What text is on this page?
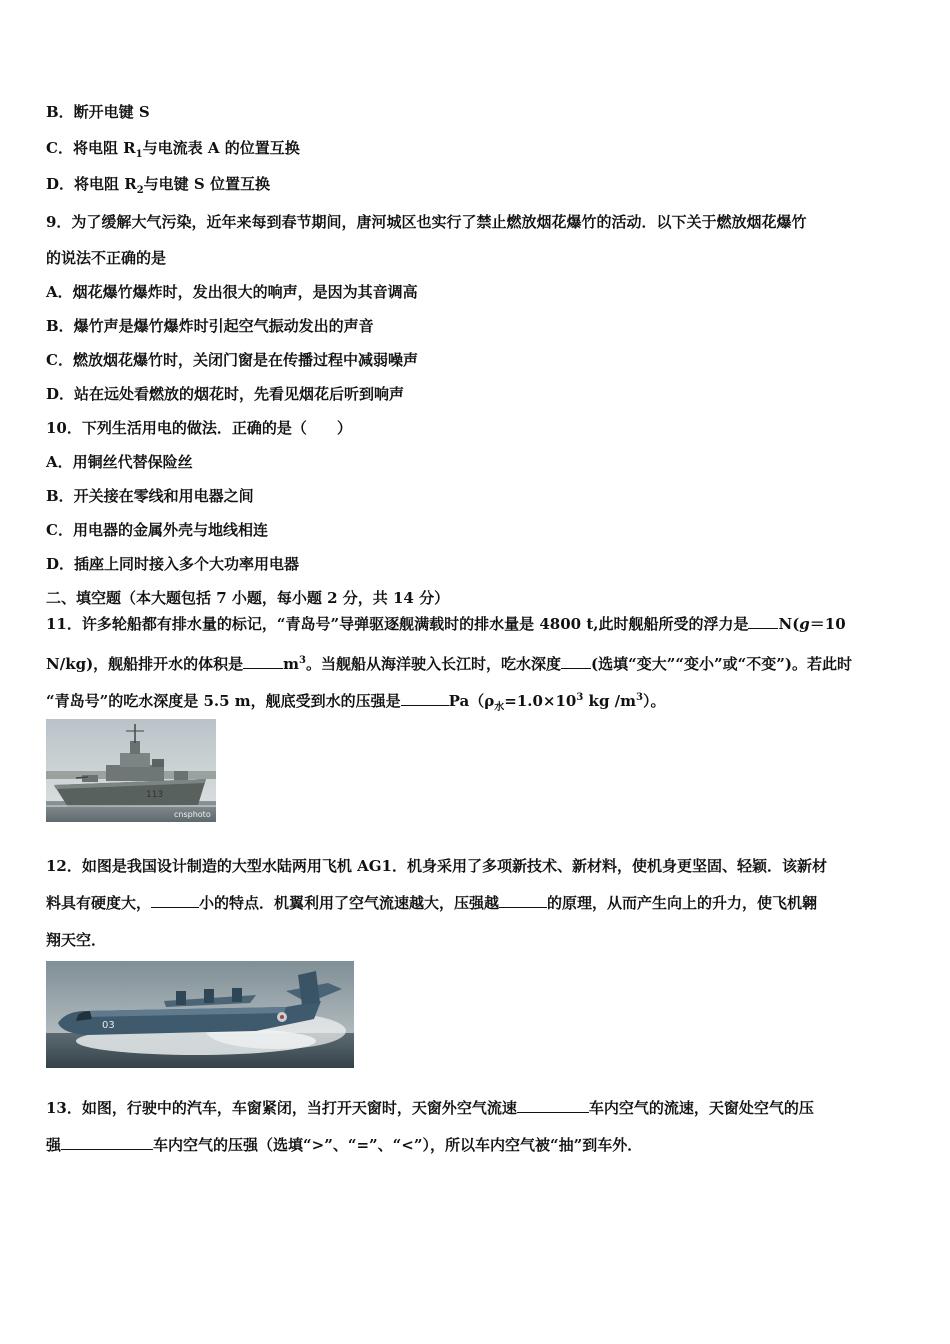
B．断开电键 S
C．将电阻 $R_1$与电流表 A 的位置互换
D．将电阻 $R_2$与电键 S 位置互换
9．为了缓解大气污染，近年来每到春节期间，唐河城区也实行了禁止燃放烟花爆竹的活动．以下关于燃放烟花爆竹
的说法不正确的是
A．烟花爆竹爆炸时，发出很大的响声，是因为其音调高
B．爆竹声是爆竹爆炸时引起空气振动发出的声音
C．燃放烟花爆竹时，关闭门窗是在传播过程中减弱噪声
D．站在远处看燃放的烟花时，先看见烟花后听到响声
10．下列生活用电的做法．正确的是（　　）
A．用铜丝代替保险丝
B．开关接在零线和用电器之间
C．用电器的金属外壳与地线相连
D．插座上同时接入多个大功率用电器
二、填空题（本大题包括 7 小题，每小题 2 分，共 14 分）
11．许多轮船都有排水量的标记，“青岛号”导弹驱逐舰满载时的排水量是 4800 t,此时舰船所受的浮力是 N(g＝10
N/kg)，舰船排开水的体积是	$m^3$。当舰船从海洋驶入长江时，吃水深度 (选填“变大”“变小”或“不变”)。若此时
“青岛号”的吃水深度是 5.5 m，舰底受到水的压强是	$Pa(\rho_水=1.0\times 10^3$ kg $/m^3$）。
113
cnsphoto
12．如图是我国设计制造的大型水陆两用飞机 AG1．机身采用了多项新技术、新材料，使机身更坚固、轻颖．该新材
料具有硬度大，	小的特点．机翼利用了空气流速越大，压强越	的原理，从而产生向上的升力，使飞机翱
翔天空．
03
13．如图，行驶中的汽车，车窗紧闭，当打开天窗时，天窗外空气流速	车内空气的流速，天窗处空气的压
强	车内空气的压强（选填“>”、“=”、“<”），所以车内空气被“抽”到车外．
